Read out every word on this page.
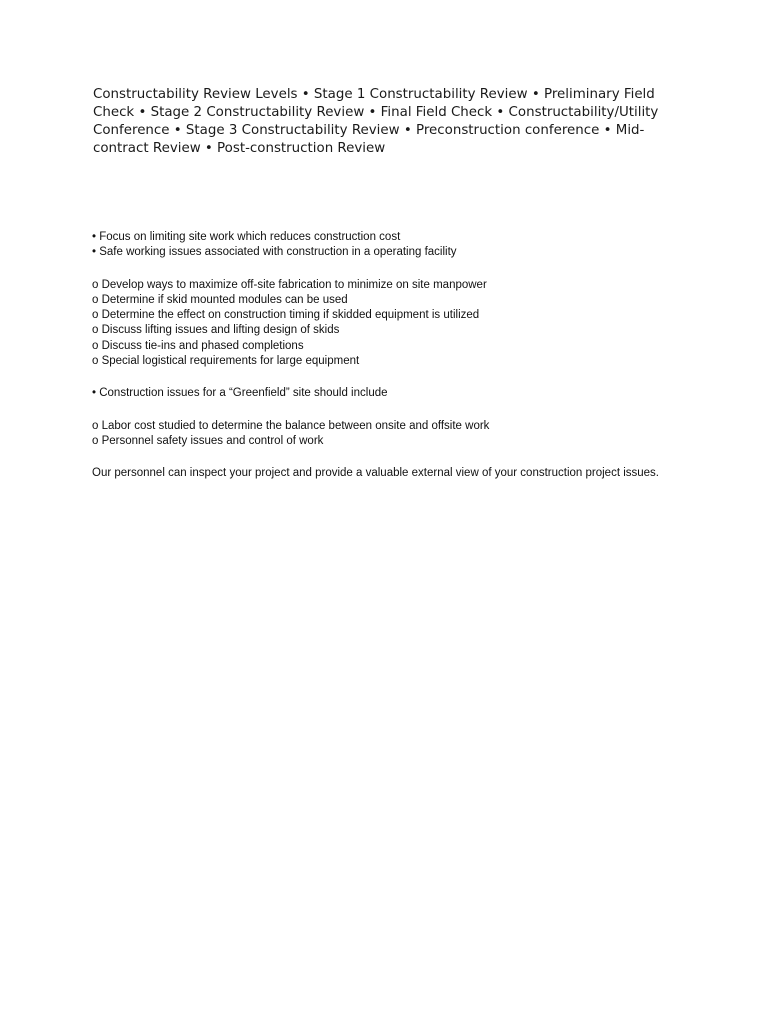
Constructability Review Levels • Stage 1 Constructability Review • Preliminary Field Check • Stage 2 Constructability Review • Final Field Check • Constructability/Utility Conference • Stage 3 Constructability Review • Preconstruction conference • Mid-contract Review • Post-construction Review
• Focus on limiting site work which reduces construction cost
• Safe working issues associated with construction in a operating facility
o Develop ways to maximize off-site fabrication to minimize on site manpower
o Determine if skid mounted modules can be used
o Determine the effect on construction timing if skidded equipment is utilized
o Discuss lifting issues and lifting design of skids
o Discuss tie-ins and phased completions
o Special logistical requirements for large equipment
• Construction issues for a “Greenfield” site should include
o Labor cost studied to determine the balance between onsite and offsite work
o Personnel safety issues and control of work
Our personnel can inspect your project and provide a valuable external view of your construction project issues.
